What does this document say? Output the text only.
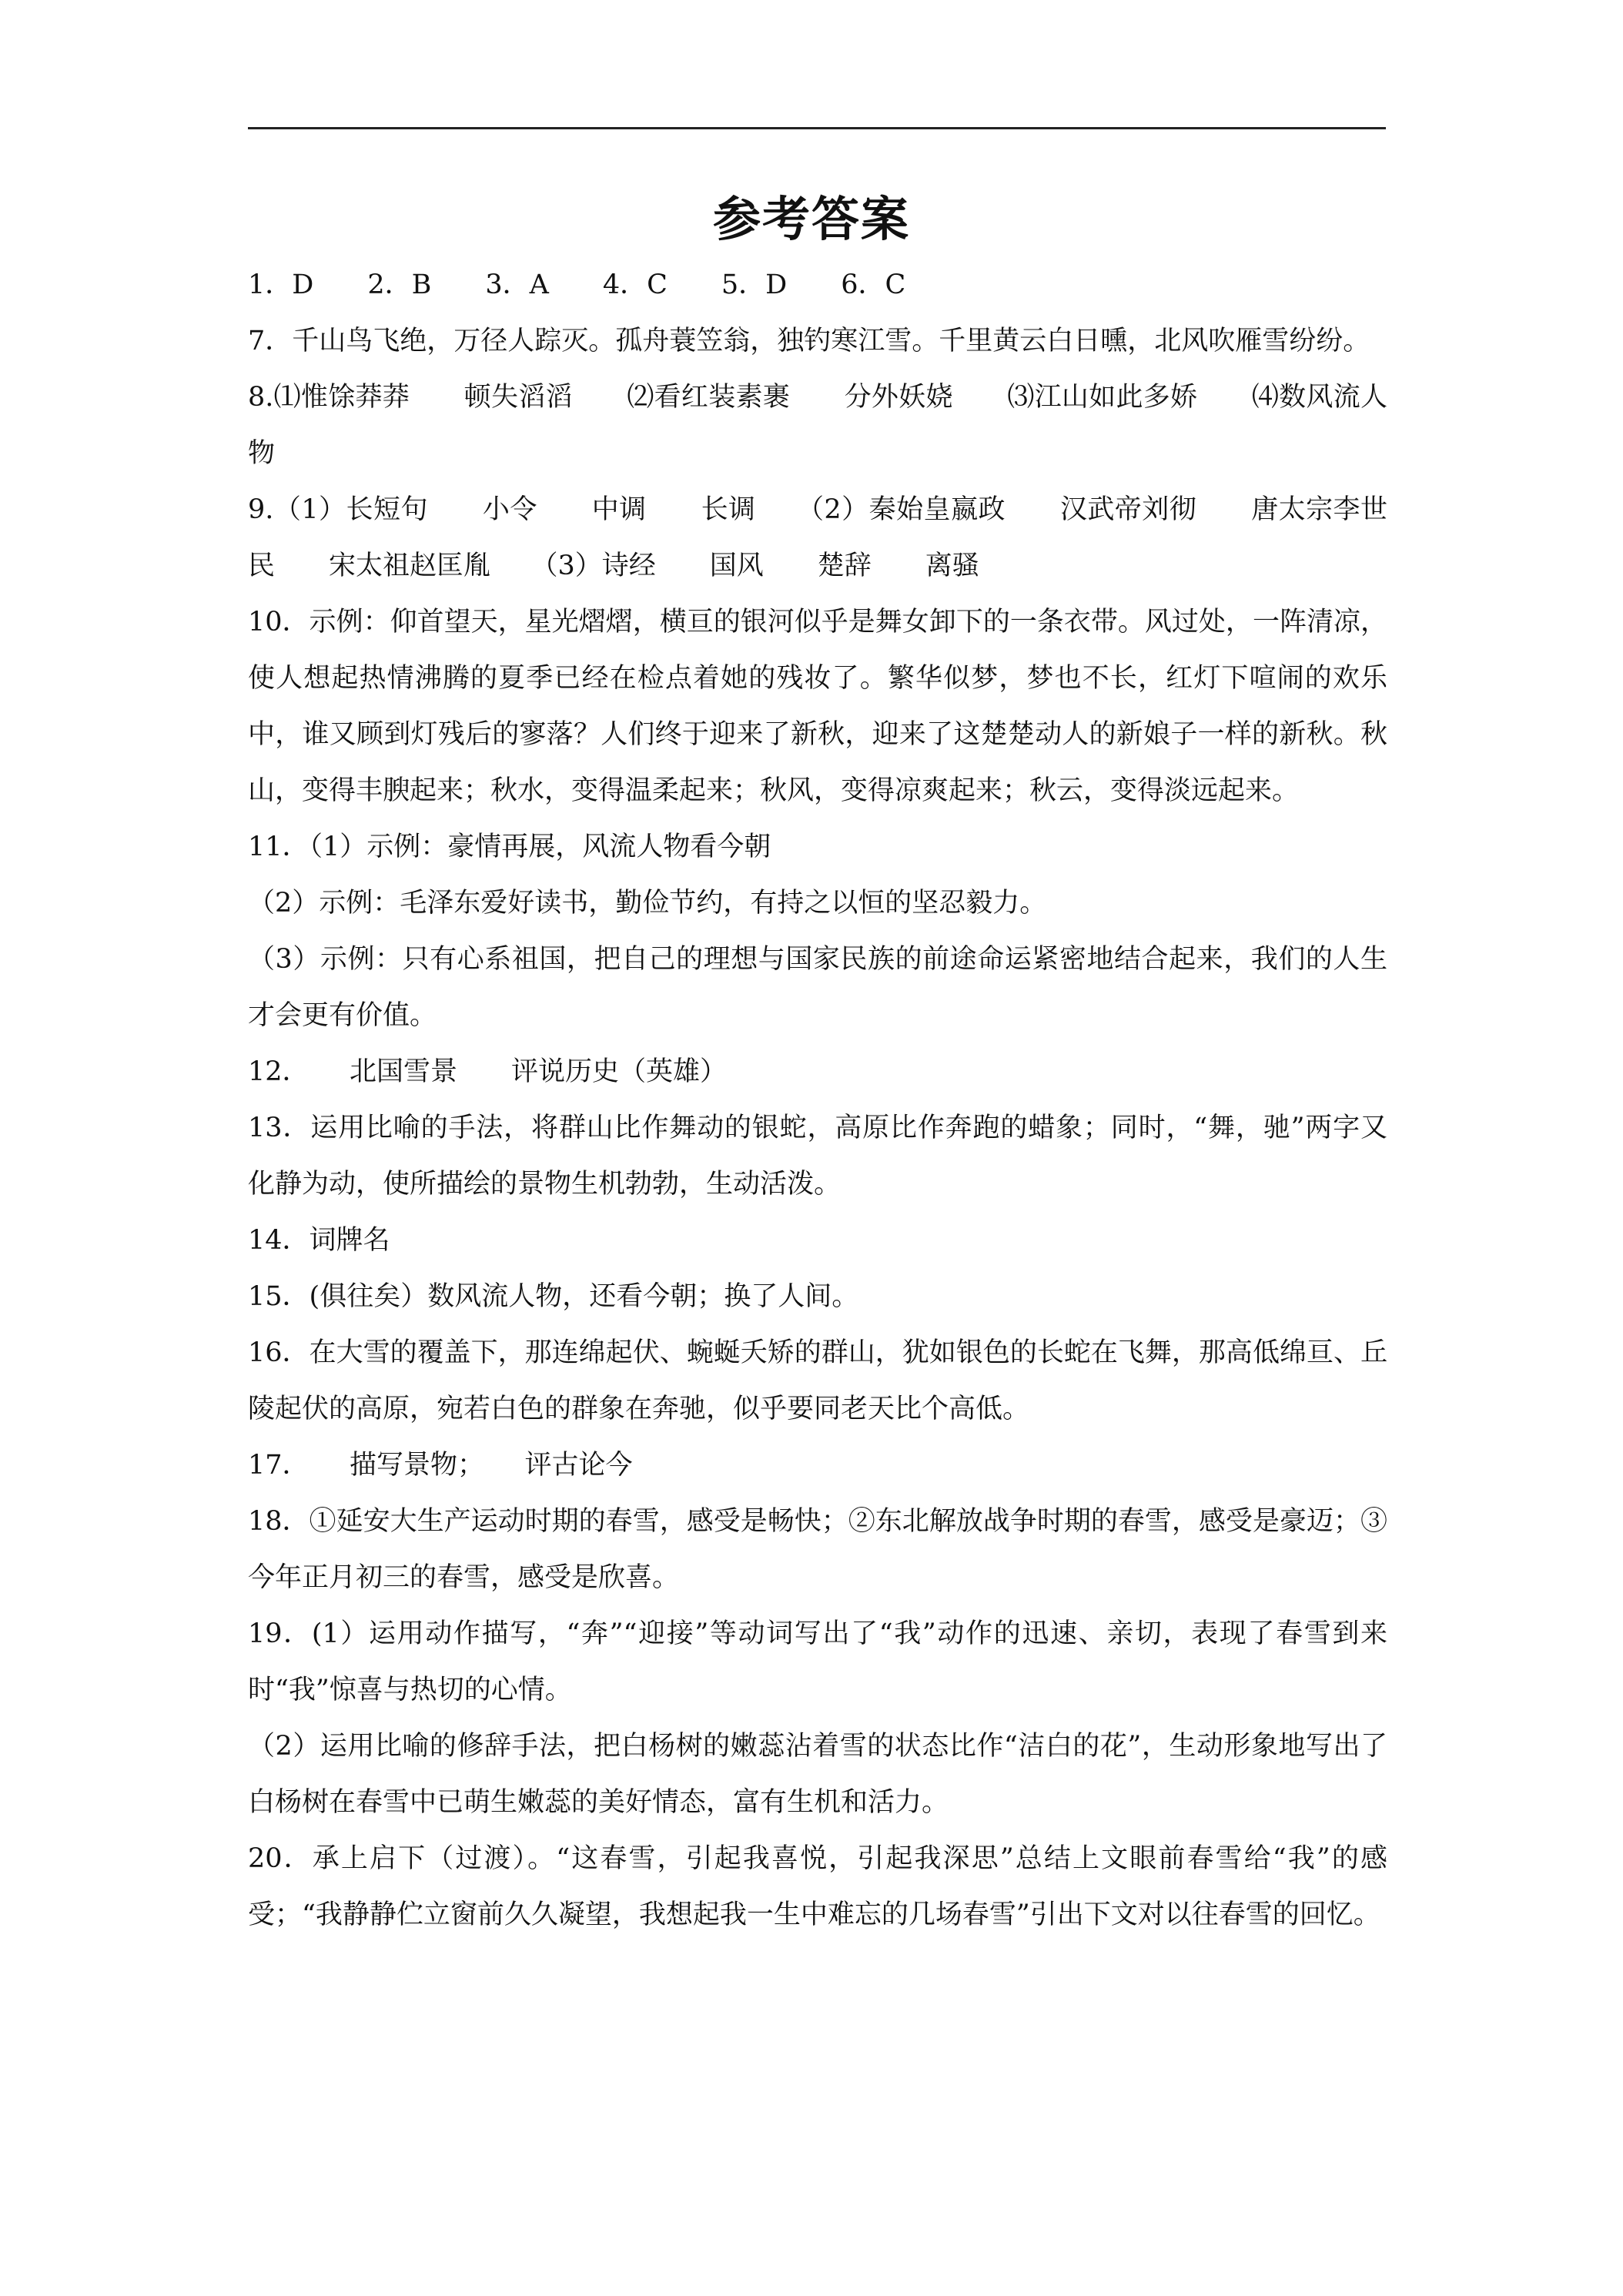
参考答案

1．D　　2．B　　3．A　　4．C　　5．D　　6．C

7．千山鸟飞绝，万径人踪灭。孤舟蓑笠翁，独钓寒江雪。千里黄云白日曛，北风吹雁雪纷纷。

8.⑴惟馀莽莽　　顿失滔滔　　⑵看红装素裹　　分外妖娆　　⑶江山如此多娇　　⑷数风流人物

9.（1）长短句　　小令　　中调　　长调　　（2）秦始皇嬴政　　汉武帝刘彻　　唐太宗李世民　　宋太祖赵匡胤　　（3）诗经　　国风　　楚辞　　离骚

10．示例：仰首望天，星光熠熠，横亘的银河似乎是舞女卸下的一条衣带。风过处，一阵清凉，使人想起热情沸腾的夏季已经在检点着她的残妆了。繁华似梦，梦也不长，红灯下喧闹的欢乐中，谁又顾到灯残后的寥落？人们终于迎来了新秋，迎来了这楚楚动人的新娘子一样的新秋。秋山，变得丰腴起来；秋水，变得温柔起来；秋风，变得凉爽起来；秋云，变得淡远起来。

11．（1）示例：豪情再展，风流人物看今朝

（2）示例：毛泽东爱好读书，勤俭节约，有持之以恒的坚忍毅力。

（3）示例：只有心系祖国，把自己的理想与国家民族的前途命运紧密地结合起来，我们的人生才会更有价值。

12．　　北国雪景　　评说历史（英雄）

13．运用比喻的手法，将群山比作舞动的银蛇，高原比作奔跑的蜡象；同时，“舞，驰”两字又化静为动，使所描绘的景物生机勃勃，生动活泼。

14．词牌名

15．(俱往矣）数风流人物，还看今朝；换了人间。

16．在大雪的覆盖下，那连绵起伏、蜿蜒夭矫的群山，犹如银色的长蛇在飞舞，那高低绵亘、丘陵起伏的高原，宛若白色的群象在奔驰，似乎要同老天比个高低。

17．　　描写景物；　　评古论今

18．①延安大生产运动时期的春雪，感受是畅快；②东北解放战争时期的春雪，感受是豪迈；③今年正月初三的春雪，感受是欣喜。

19．(1）运用动作描写，“奔”“迎接”等动词写出了“我”动作的迅速、亲切，表现了春雪到来时“我”惊喜与热切的心情。

（2）运用比喻的修辞手法，把白杨树的嫩蕊沾着雪的状态比作“洁白的花”，生动形象地写出了白杨树在春雪中已萌生嫩蕊的美好情态，富有生机和活力。

20．承上启下（过渡）。“这春雪，引起我喜悦，引起我深思”总结上文眼前春雪给“我”的感受；“我静静伫立窗前久久凝望，我想起我一生中难忘的几场春雪”引出下文对以往春雪的回忆。
